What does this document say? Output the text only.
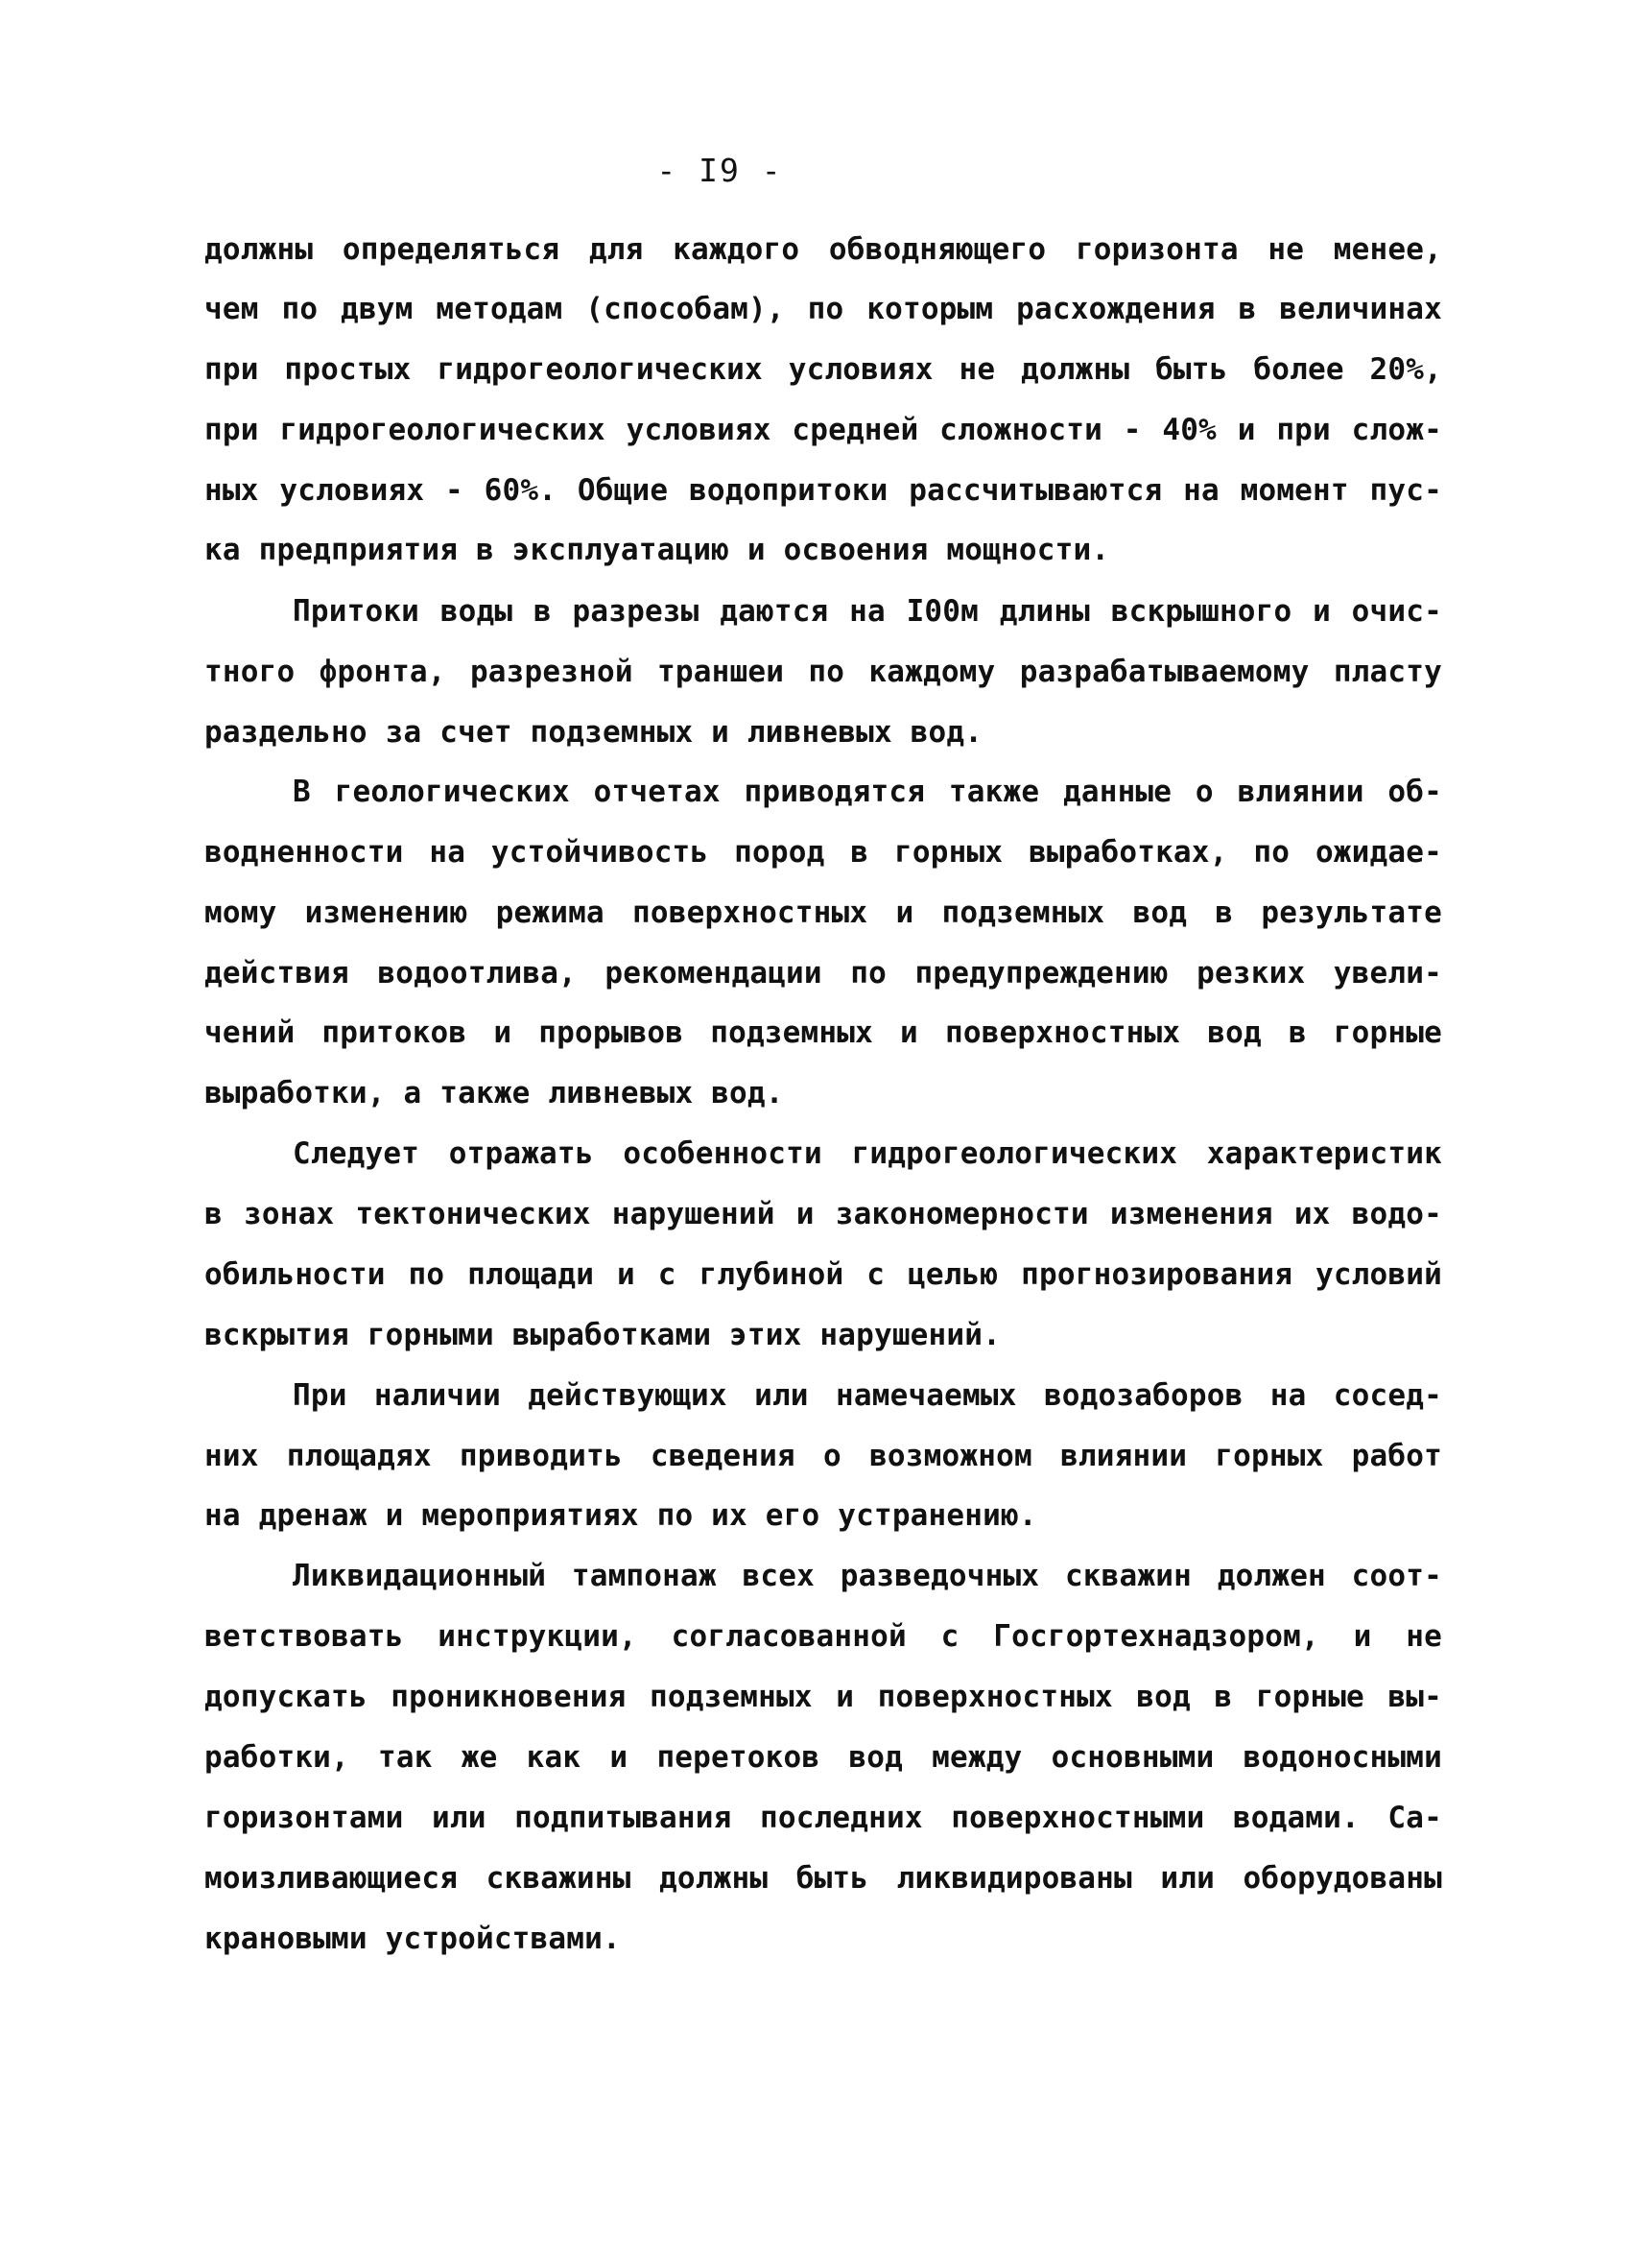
- I9 -
должны определяться для каждого обводняющего горизонта не менее,
чем по двум методам (способам), по которым расхождения в величинах
при простых гидрогеологических условиях не должны быть более 20%,
при гидрогеологических условиях средней сложности - 40% и при слож-
ных условиях - 60%. Общие водопритоки рассчитываются на момент пус-
ка предприятия в эксплуатацию и освоения мощности.
Притоки воды в разрезы даются на I00м длины вскрышного и очис-
тного фронта, разрезной траншеи по каждому разрабатываемому пласту
раздельно за счет подземных и ливневых вод.
В геологических отчетах приводятся также данные о влиянии об-
водненности на устойчивость пород в горных выработках, по ожидае-
мому изменению режима поверхностных и подземных вод в результате
действия водоотлива, рекомендации по предупреждению резких увели-
чений притоков и прорывов подземных и поверхностных вод в горные
выработки, а также ливневых вод.
Следует отражать особенности гидрогеологических характеристик
в зонах тектонических нарушений и закономерности изменения их водо-
обильности по площади и с глубиной с целью прогнозирования условий
вскрытия горными выработками этих нарушений.
При наличии действующих или намечаемых водозаборов на сосед-
них площадях приводить сведения о возможном влиянии горных работ
на дренаж и мероприятиях по их его устранению.
Ликвидационный тампонаж всех разведочных скважин должен соот-
ветствовать инструкции, согласованной с Госгортехнадзором, и не
допускать проникновения подземных и поверхностных вод в горные вы-
работки, так же как и перетоков вод между основными водоносными
горизонтами или подпитывания последних поверхностными водами. Са-
моизливающиеся скважины должны быть ликвидированы или оборудованы
крановыми устройствами.
